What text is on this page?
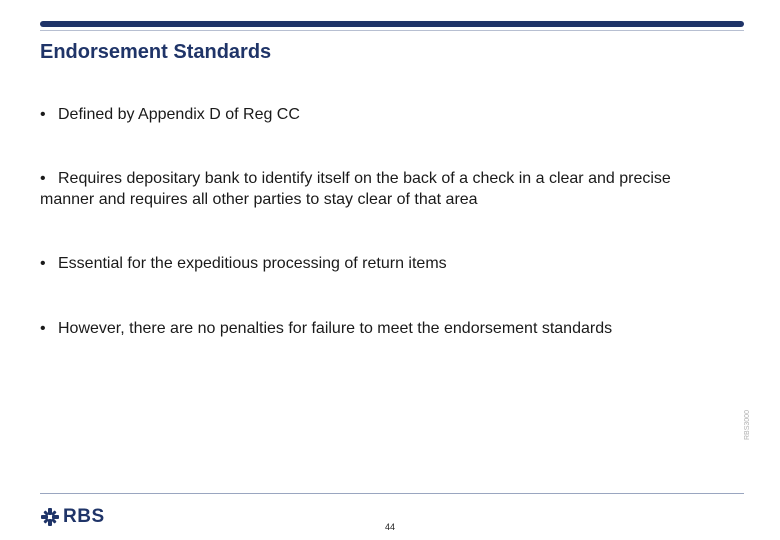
Endorsement Standards
• Defined by Appendix D of Reg CC
• Requires depositary bank to identify itself on the back of a check in a clear and precise manner and requires all other parties to stay clear of that area
• Essential for the expeditious processing of return items
• However, there are no penalties for failure to meet the endorsement standards
RBS3000
RBS	44
